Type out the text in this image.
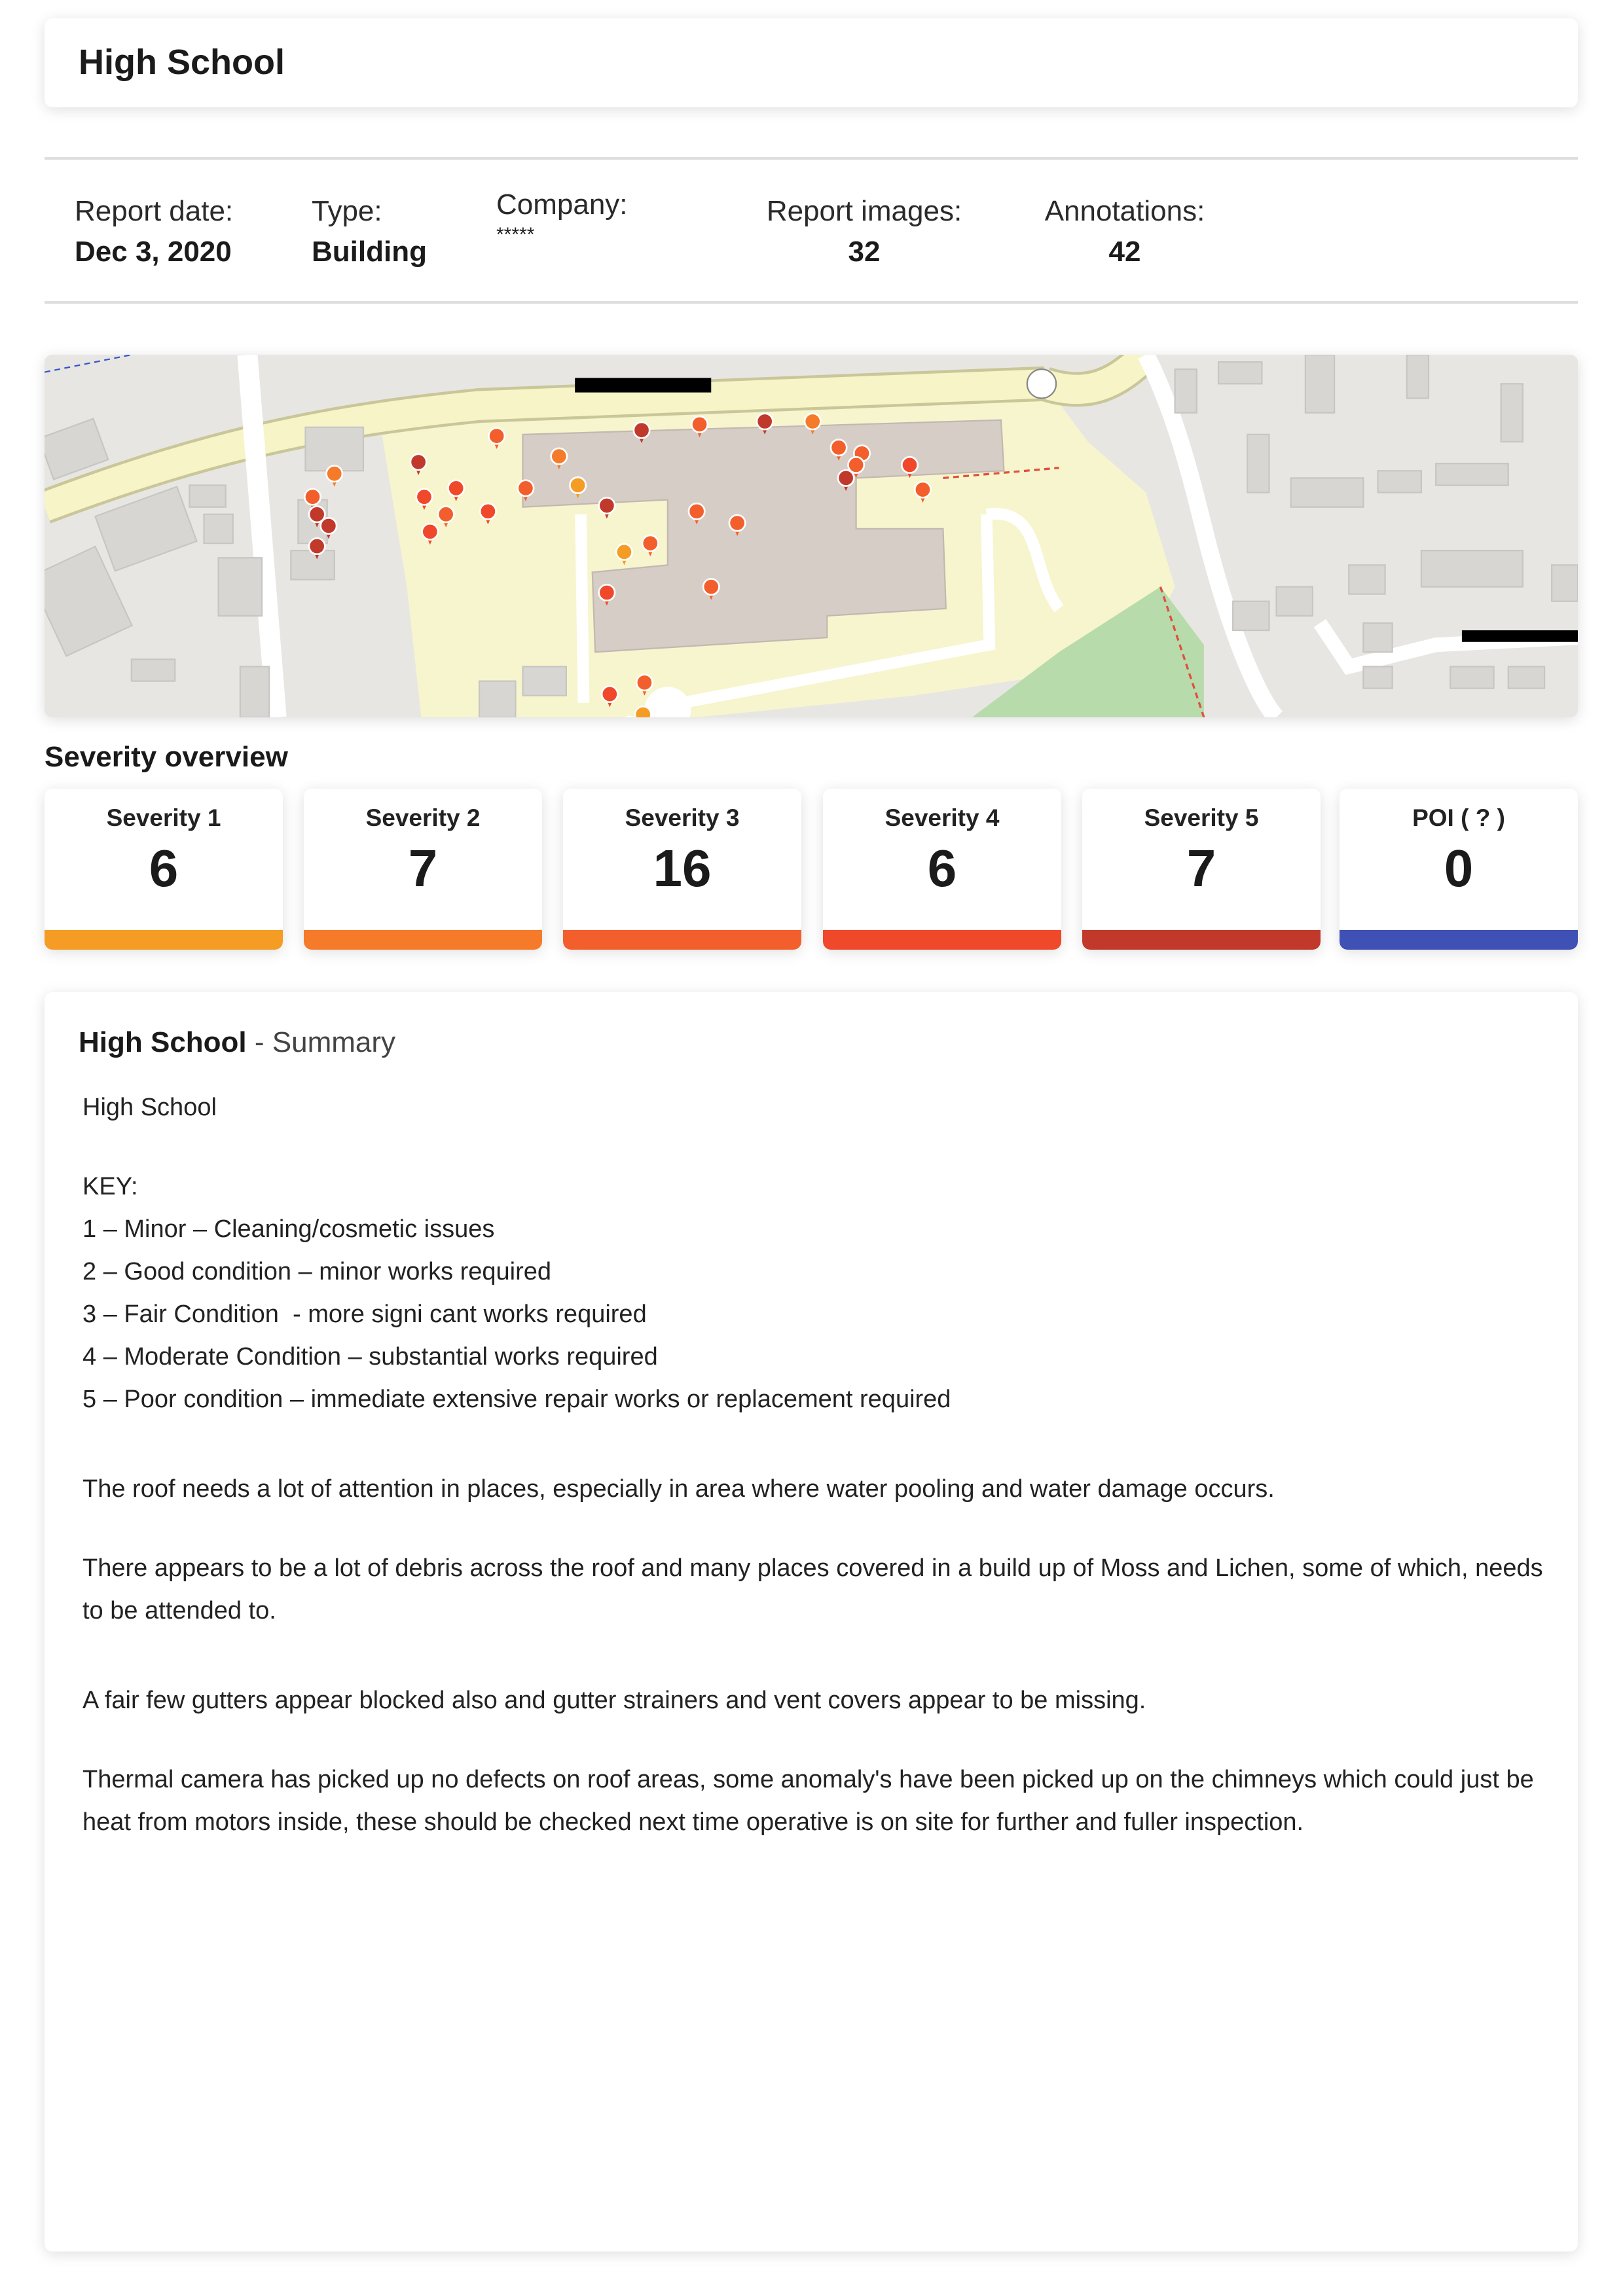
High School
Report date:
Dec 3, 2020
Type:
Building
Company:
*****
Report images:
32
Annotations:
42
Severity overview
Severity 1
6
Severity 2
7
Severity 3
16
Severity 4
6
Severity 5
7
POI ( ? )
0
High School - Summary

High School

KEY:

1 – Minor – Cleaning/cosmetic issues

2 – Good condition – minor works required

3 – Fair Condition  - more signi cant works required

4 – Moderate Condition – substantial works required

5 – Poor condition – immediate extensive repair works or replacement required

The roof needs a lot of attention in places, especially in area where water pooling and water damage occurs.

There appears to be a lot of debris across the roof and many places covered in a build up of Moss and Lichen, some of which, needs to be attended to.

A fair few gutters appear blocked also and gutter strainers and vent covers appear to be missing.

Thermal camera has picked up no defects on roof areas, some anomaly's have been picked up on the chimneys which could just be heat from motors inside, these should be checked next time operative is on site for further and fuller inspection.
